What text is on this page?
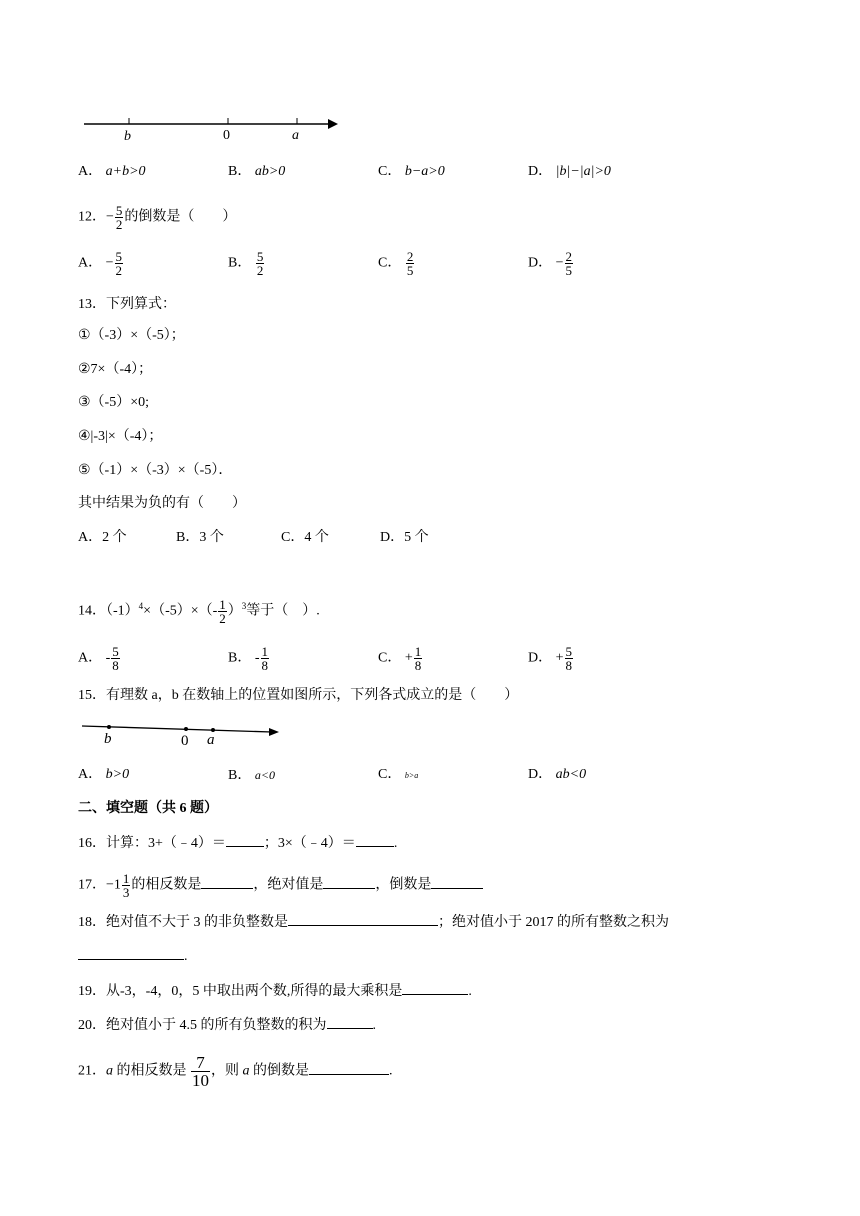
b	0	a
A． a+b>0	B． ab>0	C． b−a>0	D． |b|−|a|>0
12．− $\frac{5}{2}$ 的倒数是（　　）
A． − $\frac{5}{2}$	B． $\frac{5}{2}$	C． $\frac{2}{5}$	D． − $\frac{2}{5}$
13．下列算式：
①（-3）×（-5）；
②7×（-4）；
③（-5）×0;
④|-3|×（-4）；
⑤（-1）×（-3）×（-5）．
其中结果为负的有（　　）
A．2 个	B．3 个	C．4 个	D．5 个
14．$(-1)^4\times(-5)\times(- \frac{1}{2} )^3$等于（　）.
A． - $\frac{5}{8}$	B． - $\frac{1}{8}$	C． + $\frac{1}{8}$	D． + $\frac{5}{8}$
15．有理数 a，b 在数轴上的位置如图所示，下列各式成立的是（　　）
b	0 a
A． b>0	B． a<0	C． b>a	D． ab<0
二、填空题（共 6 题）
16．计算：3+（﹣4）＝	；3×（﹣4）＝	.
17．$-1 \frac{1}{3}$ 的相反数是	，绝对值是	，倒数是
18．绝对值不大于 3 的非负整数是	；绝对值小于 2017 的所有整数之积为
.
19．从-3，-4，0，5 中取出两个数,所得的最大乘积是	.
20．绝对值小于 4.5 的所有负整数的积为	.
21．a 的相反数是 $\frac{7}{10}$ ，则 a 的倒数是	.
